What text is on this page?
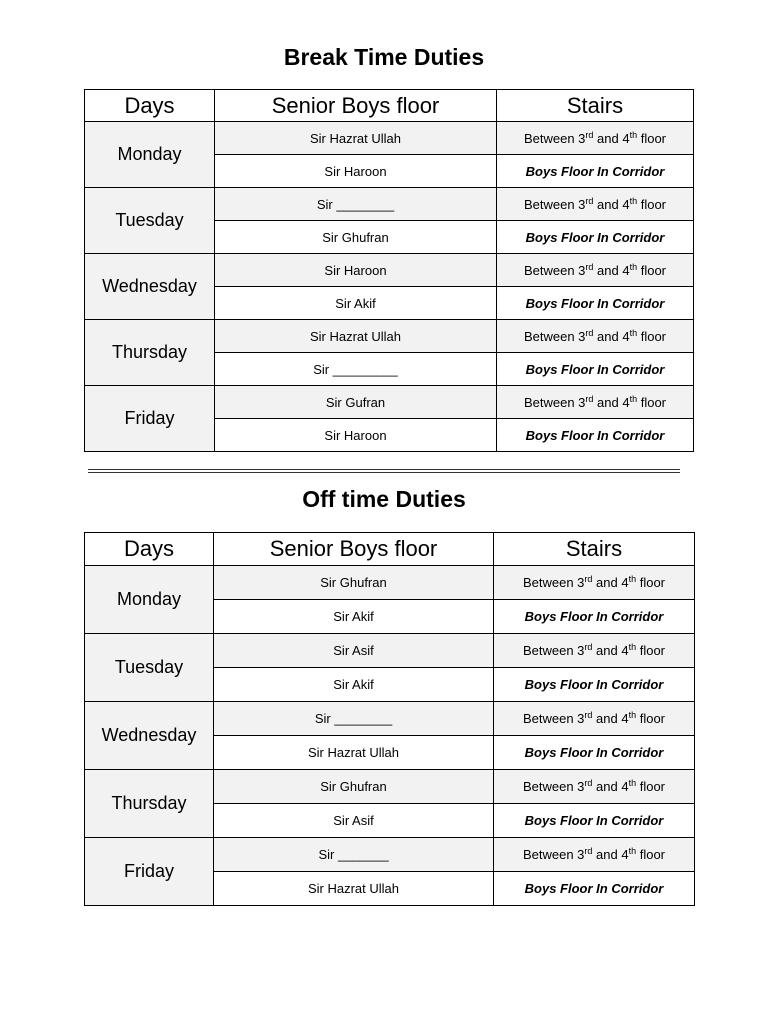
Break Time Duties
Days	Senior Boys floor	Stairs
Monday	Sir Hazrat Ullah	Between 3rd and 4th floor
	Sir Haroon	Boys Floor In Corridor
Tuesday	Sir ________	Between 3rd and 4th floor
	Sir Ghufran	Boys Floor In Corridor
Wednesday	Sir Haroon	Between 3rd and 4th floor
	Sir Akif	Boys Floor In Corridor
Thursday	Sir Hazrat Ullah	Between 3rd and 4th floor
	Sir _________	Boys Floor In Corridor
Friday	Sir Gufran	Between 3rd and 4th floor
	Sir Haroon	Boys Floor In Corridor
Off time Duties
Days	Senior Boys floor	Stairs
Monday	Sir Ghufran	Between 3rd and 4th floor
	Sir Akif	Boys Floor In Corridor
Tuesday	Sir Asif	Between 3rd and 4th floor
	Sir Akif	Boys Floor In Corridor
Wednesday	Sir ________	Between 3rd and 4th floor
	Sir Hazrat Ullah	Boys Floor In Corridor
Thursday	Sir Ghufran	Between 3rd and 4th floor
	Sir Asif	Boys Floor In Corridor
Friday	Sir _______	Between 3rd and 4th floor
	Sir Hazrat Ullah	Boys Floor In Corridor
